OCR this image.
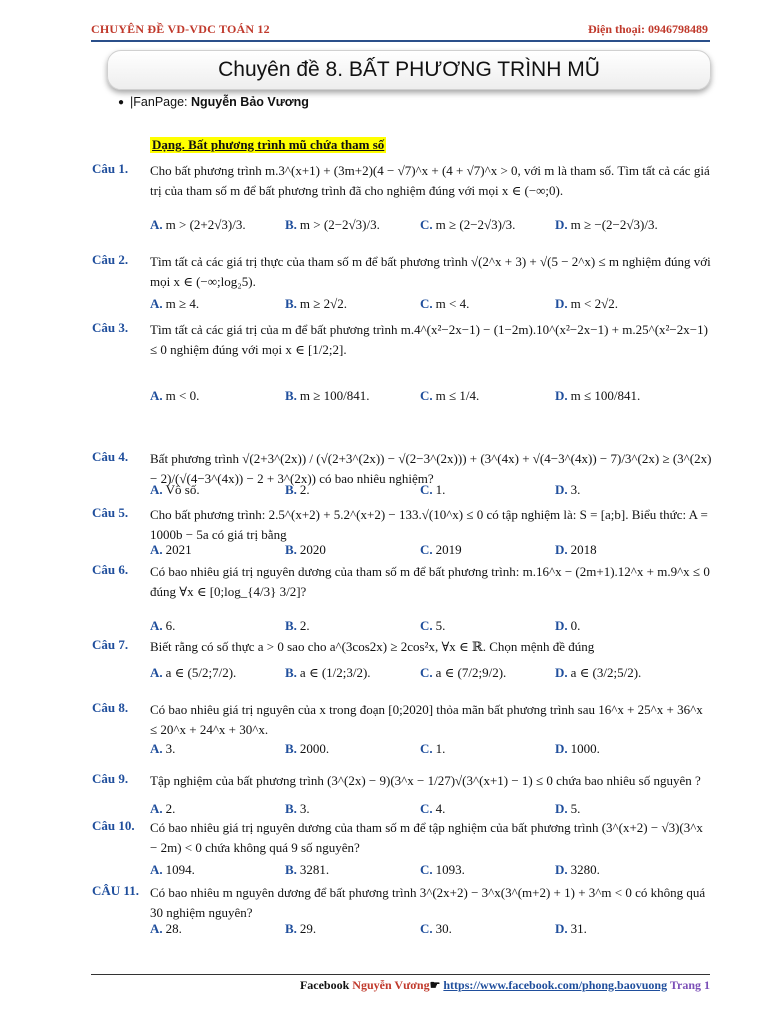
CHUYÊN ĐỀ VD-VDC TOÁN 12	Điện thoại: 0946798489
Chuyên đề 8. BẤT PHƯƠNG TRÌNH MŨ
● |FanPage: Nguyễn Bảo Vương
Dạng. Bất phương trình mũ chứa tham số
Câu 1. Cho bất phương trình m.3^(x+1) + (3m+2)(4 − √7)^x + (4 + √7)^x > 0, với m là tham số. Tìm tất cả các giá trị của tham số m để bất phương trình đã cho nghiệm đúng với mọi x ∈ (−∞;0).
A. m > (2+2√3)/3.	B. m > (2−2√3)/3.	C. m ≥ (2−2√3)/3.	D. m ≥ −(2−2√3)/3.
Câu 2. Tìm tất cả các giá trị thực của tham số m để bất phương trình √(2^x + 3) + √(5 − 2^x) ≤ m nghiệm đúng với mọi x ∈ (−∞;log₂5).
A. m ≥ 4.	B. m ≥ 2√2.	C. m < 4.	D. m < 2√2.
Câu 3. Tìm tất cả các giá trị của m để bất phương trình m.4^(x²−2x−1) − (1−2m).10^(x²−2x−1) + m.25^(x²−2x−1) ≤ 0 nghiệm đúng với mọi x ∈ [1/2;2].
A. m < 0.	B. m ≥ 100/841.	C. m ≤ 1/4.	D. m ≤ 100/841.
Câu 4. Bất phương trình √(2+3^(2x)) / (√(2+3^(2x)) − √(2−3^(2x))) + (3^(4x) + √(4−3^(4x)) − 7)/3^(2x) ≥ (3^(2x) − 2)/(√(4−3^(4x)) − 2 + 3^(2x)) có bao nhiêu nghiệm?
A. Vô số.	B. 2.	C. 1.	D. 3.
Câu 5. Cho bất phương trình: 2.5^(x+2) + 5.2^(x+2) − 133.√(10^x) ≤ 0 có tập nghiệm là: S = [a;b]. Biểu thức: A = 1000b − 5a có giá trị bằng
A. 2021	B. 2020	C. 2019	D. 2018
Câu 6. Có bao nhiêu giá trị nguyên dương của tham số m để bất phương trình: m.16^x − (2m+1).12^x + m.9^x ≤ 0 đúng ∀x ∈ [0;log_{4/3} 3/2]?
A. 6.	B. 2.	C. 5.	D. 0.
Câu 7. Biết rằng có số thực a > 0 sao cho a^(3cos2x) ≥ 2cos²x, ∀x ∈ ℝ. Chọn mệnh đề đúng
A. a ∈ (5/2;7/2).	B. a ∈ (1/2;3/2).	C. a ∈ (7/2;9/2).	D. a ∈ (3/2;5/2).
Câu 8. Có bao nhiêu giá trị nguyên của x trong đoạn [0;2020] thỏa mãn bất phương trình sau 16^x + 25^x + 36^x ≤ 20^x + 24^x + 30^x.
A. 3.	B. 2000.	C. 1.	D. 1000.
Câu 9. Tập nghiệm của bất phương trình (3^(2x) − 9)(3^x − 1/27)√(3^(x+1) − 1) ≤ 0 chứa bao nhiêu số nguyên ?
A. 2.	B. 3.	C. 4.	D. 5.
Câu 10. Có bao nhiêu giá trị nguyên dương của tham số m để tập nghiệm của bất phương trình (3^(x+2) − √3)(3^x − 2m) < 0 chứa không quá 9 số nguyên?
A. 1094.	B. 3281.	C. 1093.	D. 3280.
CÂU 11. Có bao nhiêu m nguyên dương để bất phương trình 3^(2x+2) − 3^x(3^(m+2) + 1) + 3^m < 0 có không quá 30 nghiệm nguyên?
A. 28.	B. 29.	C. 30.	D. 31.
Facebook Nguyễn Vương☛ https://www.facebook.com/phong.baovuong Trang 1
